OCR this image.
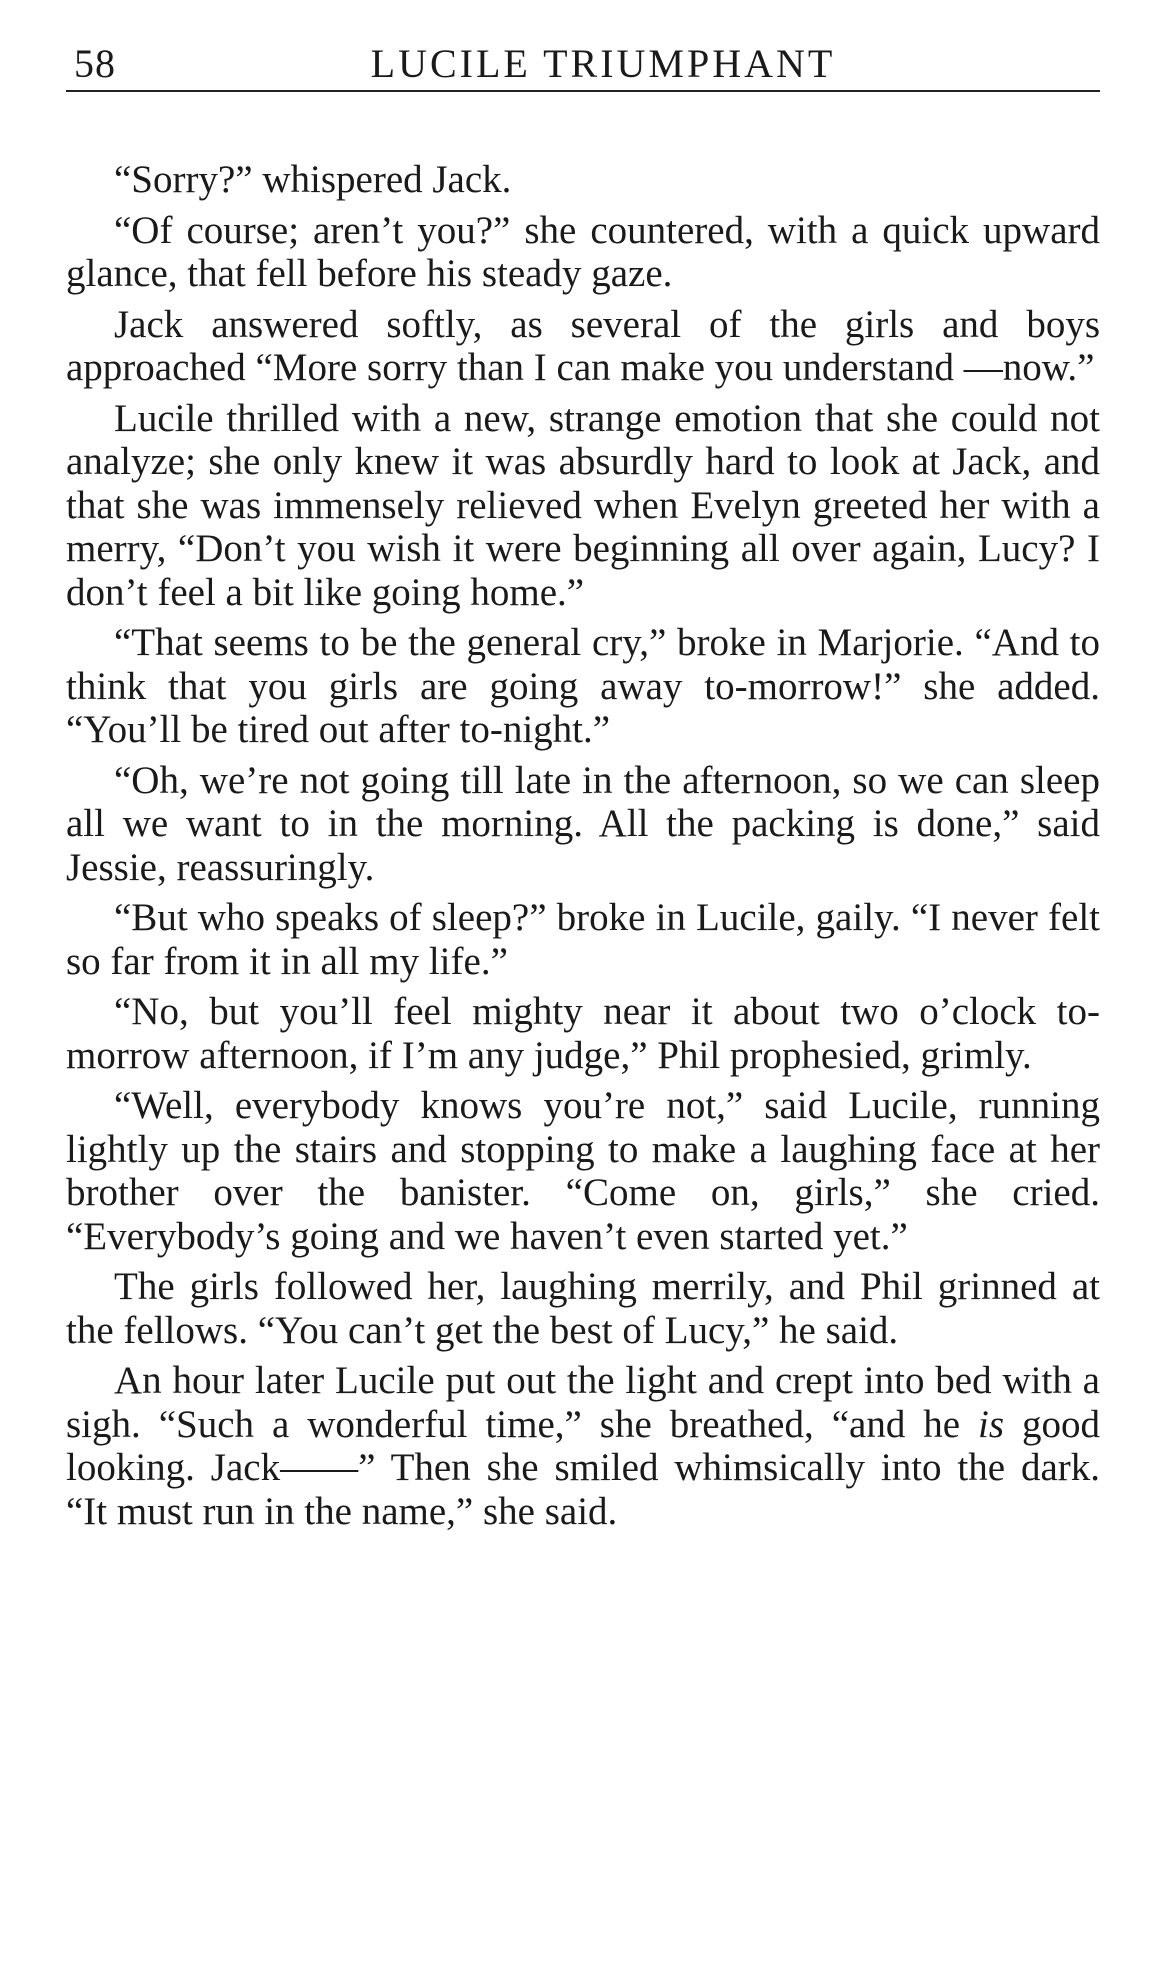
58	LUCILE TRIUMPHANT

“Sorry?” whispered Jack.

“Of course; aren’t you?” she countered, with a quick upward glance, that fell before his steady gaze.

Jack answered softly, as several of the girls and boys approached “More sorry than I can make you understand —now.”

Lucile thrilled with a new, strange emotion that she could not analyze; she only knew it was absurdly hard to look at Jack, and that she was immensely relieved when Evelyn greeted her with a merry, “Don’t you wish it were beginning all over again, Lucy? I don’t feel a bit like going home.”

“That seems to be the general cry,” broke in Marjorie. “And to think that you girls are going away to-morrow!” she added. “You’ll be tired out after to-night.”

“Oh, we’re not going till late in the afternoon, so we can sleep all we want to in the morning. All the packing is done,” said Jessie, reassuringly.

“But who speaks of sleep?” broke in Lucile, gaily. “I never felt so far from it in all my life.”

“No, but you’ll feel mighty near it about two o’clock to-morrow afternoon, if I’m any judge,” Phil prophesied, grimly.

“Well, everybody knows you’re not,” said Lucile, running lightly up the stairs and stopping to make a laughing face at her brother over the banister. “Come on, girls,” she cried. “Everybody’s going and we haven’t even started yet.”

The girls followed her, laughing merrily, and Phil grinned at the fellows. “You can’t get the best of Lucy,” he said.

An hour later Lucile put out the light and crept into bed with a sigh. “Such a wonderful time,” she breathed, “and he is good looking. Jack——” Then she smiled whimsically into the dark. “It must run in the name,” she said.
